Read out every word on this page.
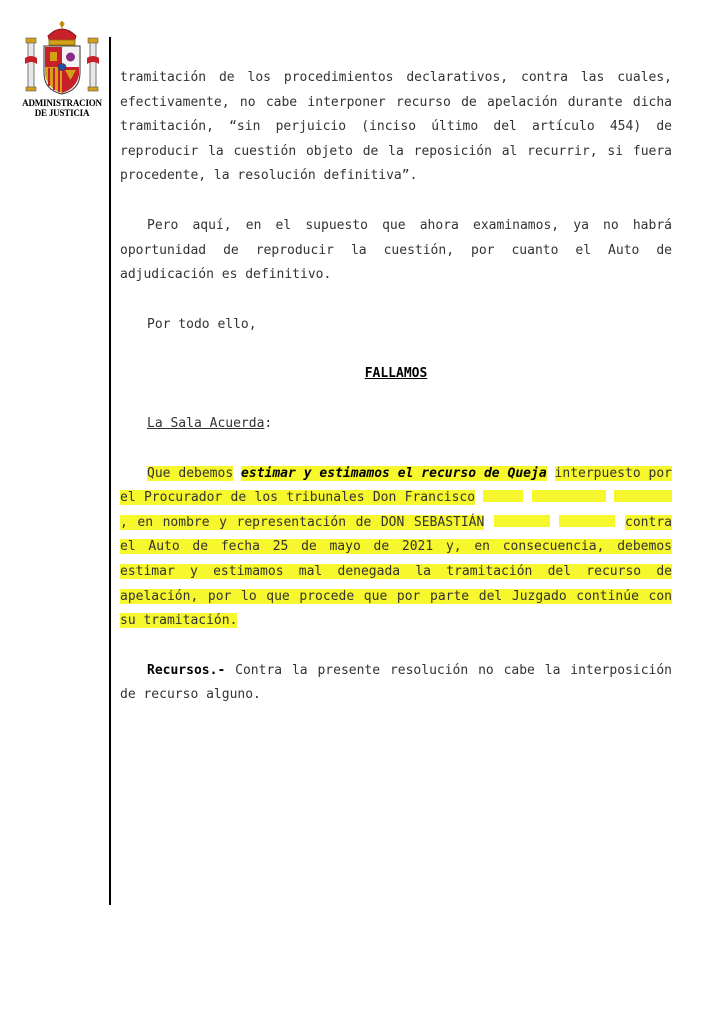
ADMINISTRACION
DE JUSTICIA

tramitación de los procedimientos declarativos, contra las cuales, efectivamente, no cabe interponer recurso de apelación durante dicha tramitación, “sin perjuicio (inciso último del artículo 454) de reproducir la cuestión objeto de la reposición al recurrir, si fuera procedente, la resolución definitiva”.

Pero aquí, en el supuesto que ahora examinamos, ya no habrá oportunidad de reproducir la cuestión, por cuanto el Auto de adjudicación es definitivo.

Por todo ello,

FALLAMOS

La Sala Acuerda:

Que debemos estimar y estimamos el recurso de Queja interpuesto por el Procurador de los tribunales Don Francisco   , en nombre y representación de DON SEBASTIÁN	contra el Auto de fecha 25 de mayo de 2021 y, en consecuencia, debemos estimar y estimamos mal denegada la tramitación del recurso de apelación, por lo que procede que por parte del Juzgado continúe con su tramitación.

Recursos.- Contra la presente resolución no cabe la interposición de recurso alguno.
